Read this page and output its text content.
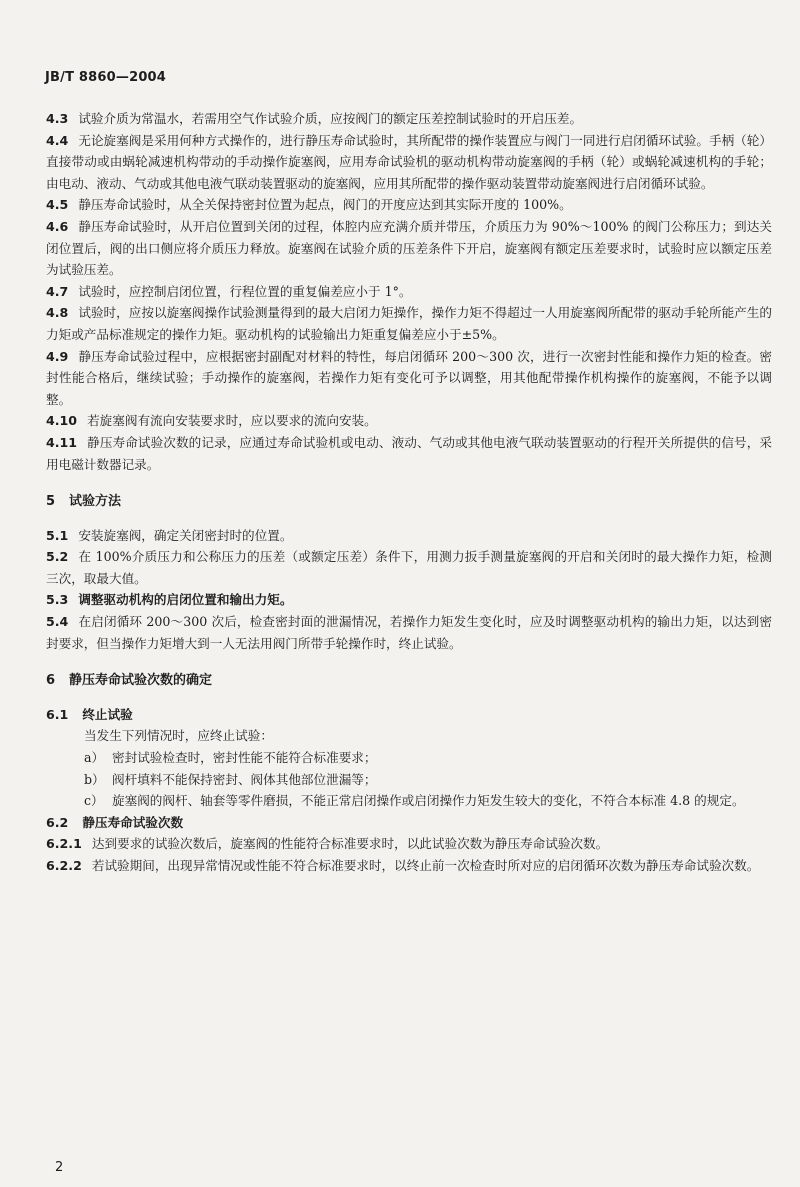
JB/T 8860—2004

4.3 试验介质为常温水，若需用空气作试验介质，应按阀门的额定压差控制试验时的开启压差。

4.4 无论旋塞阀是采用何种方式操作的，进行静压寿命试验时，其所配带的操作装置应与阀门一同进行启闭循环试验。手柄（轮）直接带动或由蜗轮减速机构带动的手动操作旋塞阀，应用寿命试验机的驱动机构带动旋塞阀的手柄（轮）或蜗轮减速机构的手轮；由电动、液动、气动或其他电液气联动装置驱动的旋塞阀，应用其所配带的操作驱动装置带动旋塞阀进行启闭循环试验。

4.5 静压寿命试验时，从全关保持密封位置为起点，阀门的开度应达到其实际开度的 100%。

4.6 静压寿命试验时，从开启位置到关闭的过程，体腔内应充满介质并带压，介质压力为 90%～100% 的阀门公称压力；到达关闭位置后，阀的出口侧应将介质压力释放。旋塞阀在试验介质的压差条件下开启，旋塞阀有额定压差要求时，试验时应以额定压差为试验压差。

4.7 试验时，应控制启闭位置，行程位置的重复偏差应小于 1°。

4.8 试验时，应按以旋塞阀操作试验测量得到的最大启闭力矩操作，操作力矩不得超过一人用旋塞阀所配带的驱动手轮所能产生的力矩或产品标准规定的操作力矩。驱动机构的试验输出力矩重复偏差应小于±5%。

4.9 静压寿命试验过程中，应根据密封副配对材料的特性，每启闭循环 200～300 次，进行一次密封性能和操作力矩的检查。密封性能合格后，继续试验；手动操作的旋塞阀，若操作力矩有变化可予以调整，用其他配带操作机构操作的旋塞阀，不能予以调整。

4.10 若旋塞阀有流向安装要求时，应以要求的流向安装。

4.11 静压寿命试验次数的记录，应通过寿命试验机或电动、液动、气动或其他电液气联动装置驱动的行程开关所提供的信号，采用电磁计数器记录。

5 试验方法

5.1 安装旋塞阀，确定关闭密封时的位置。

5.2 在 100%介质压力和公称压力的压差（或额定压差）条件下，用测力扳手测量旋塞阀的开启和关闭时的最大操作力矩，检测三次，取最大值。

5.3 调整驱动机构的启闭位置和输出力矩。

5.4 在启闭循环 200～300 次后，检查密封面的泄漏情况，若操作力矩发生变化时，应及时调整驱动机构的输出力矩，以达到密封要求，但当操作力矩增大到一人无法用阀门所带手轮操作时，终止试验。

6 静压寿命试验次数的确定

6.1 终止试验

当发生下列情况时，应终止试验：

a） 密封试验检查时，密封性能不能符合标准要求；
b） 阀杆填料不能保持密封、阀体其他部位泄漏等；
c） 旋塞阀的阀杆、轴套等零件磨损，不能正常启闭操作或启闭操作力矩发生较大的变化，不符合本标准 4.8 的规定。

6.2 静压寿命试验次数

6.2.1 达到要求的试验次数后，旋塞阀的性能符合标准要求时，以此试验次数为静压寿命试验次数。

6.2.2 若试验期间，出现异常情况或性能不符合标准要求时，以终止前一次检查时所对应的启闭循环次数为静压寿命试验次数。

2
